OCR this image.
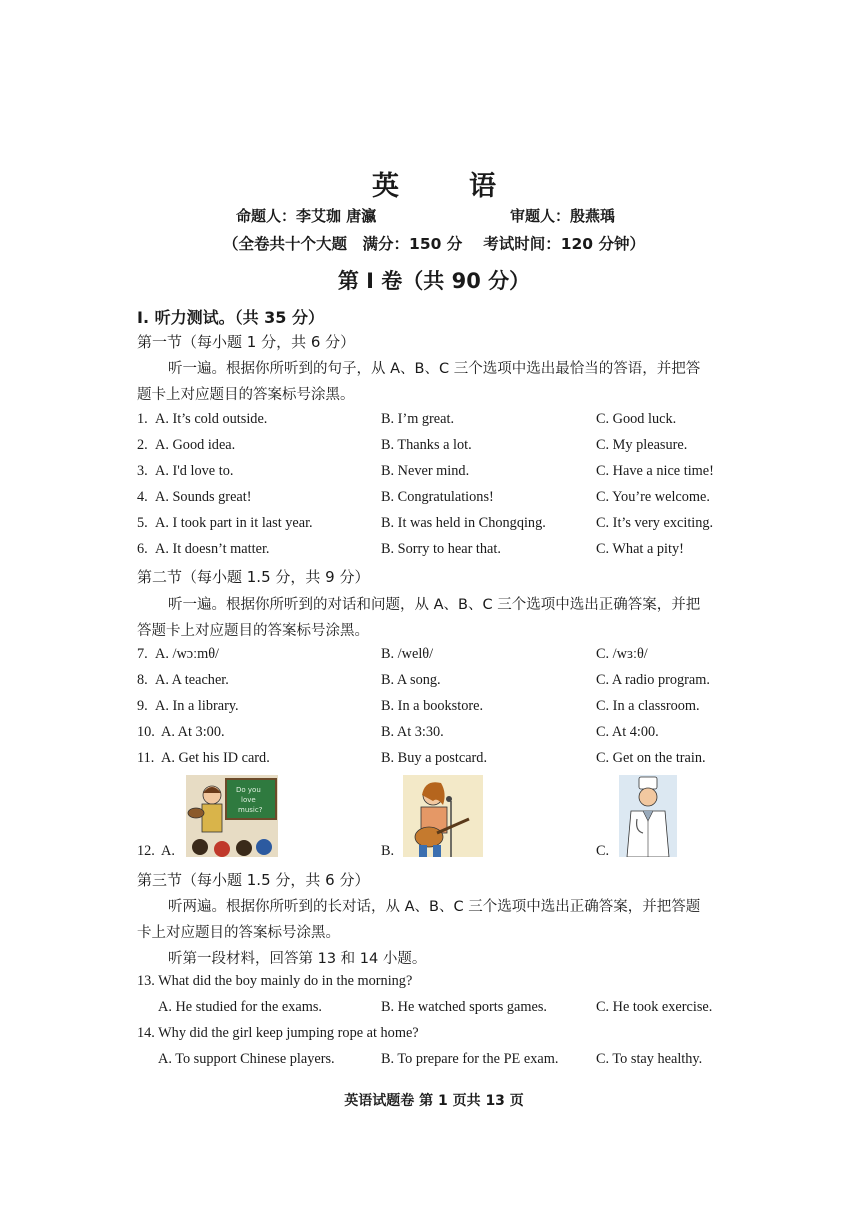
英	语
命题人：李艾珈 唐瀛	审题人：殷燕瑀
（全卷共十个大题　满分：150 分　 考试时间：120 分钟）
第 I 卷（共 90 分）
I. 听力测试。（共 35 分）
第一节（每小题 1 分，共 6 分）
听一遍。根据你所听到的句子，从 A、B、C 三个选项中选出最恰当的答语，并把答
题卡上对应题目的答案标号涂黑。
1. A. It’s cold outside.	B. I’m great.	C. Good luck.
2. A. Good idea.	B. Thanks a lot.	C. My pleasure.
3. A. I'd love to.	B. Never mind.	C. Have a nice time!
4. A. Sounds great!	B. Congratulations!	C. You’re welcome.
5. A. I took part in it last year.	B. It was held in Chongqing.	C. It’s very exciting.
6. A. It doesn’t matter.	B. Sorry to hear that.	C. What a pity!
第二节（每小题 1.5 分，共 9 分）
听一遍。根据你所听到的对话和问题，从 A、B、C 三个选项中选出正确答案，并把
答题卡上对应题目的答案标号涂黑。
7. A. /wɔːmθ/	B. /welθ/	C. /wɜːθ/
8. A. A teacher.	B. A song.	C. A radio program.
9. A. In a library.	B. In a bookstore.	C. In a classroom.
10. A. At 3:00.	B. At 3:30.	C. At 4:00.
11. A. Get his ID card.	B. Buy a postcard.	C. Get on the train.
12. A.	B.	C.
Do you
love
music?
第三节（每小题 1.5 分，共 6 分）
听两遍。根据你所听到的长对话，从 A、B、C 三个选项中选出正确答案，并把答题
卡上对应题目的答案标号涂黑。
听第一段材料，回答第 13 和 14 小题。
13. What did the boy mainly do in the morning?
A. He studied for the exams.	B. He watched sports games.	C. He took exercise.
14. Why did the girl keep jumping rope at home?
A. To support Chinese players.	B. To prepare for the PE exam.	C. To stay healthy.
英语试题卷 第 1 页共 13 页
